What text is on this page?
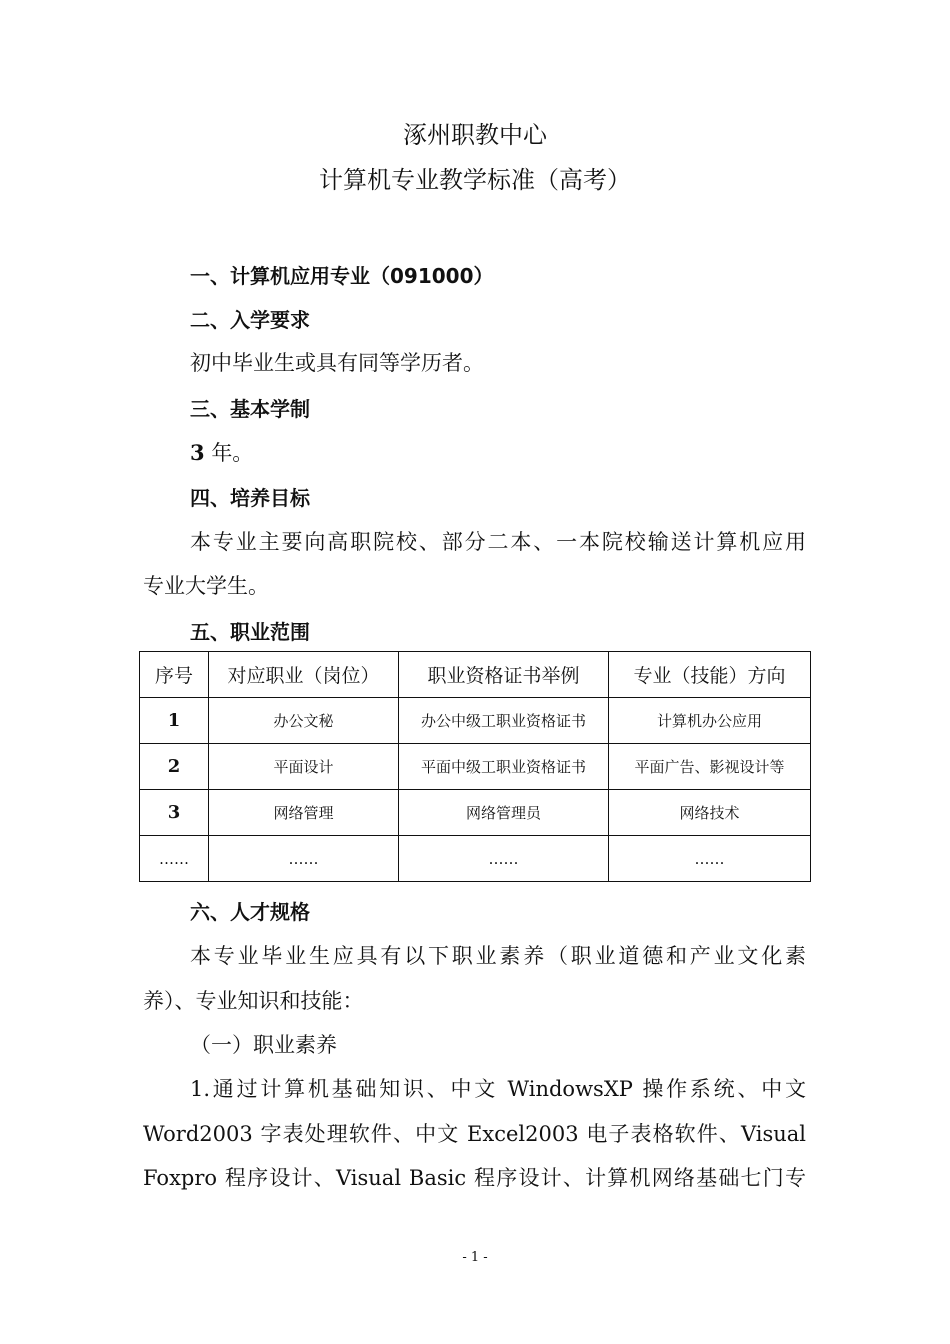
涿州职教中心
计算机专业教学标准（高考）
一、计算机应用专业（091000）
二、入学要求
初中毕业生或具有同等学历者。
三、基本学制
3 年。
四、培养目标
本专业主要向高职院校、部分二本、一本院校输送计算机应用
专业大学生。
五、职业范围
序号	对应职业（岗位）	职业资格证书举例	专业（技能）方向
1	办公文秘	办公中级工职业资格证书	计算机办公应用
2	平面设计	平面中级工职业资格证书	平面广告、影视设计等
3	网络管理	网络管理员	网络技术
……	……	……	……
六、人才规格
本专业毕业生应具有以下职业素养（职业道德和产业文化素
养）、专业知识和技能：
（一）职业素养
1.通过计算机基础知识、中文 WindowsXP 操作系统、中文
Word2003 字表处理软件、中文 Excel2003 电子表格软件、Visual
Foxpro 程序设计、Visual Basic 程序设计、计算机网络基础七门专
- 1 -
